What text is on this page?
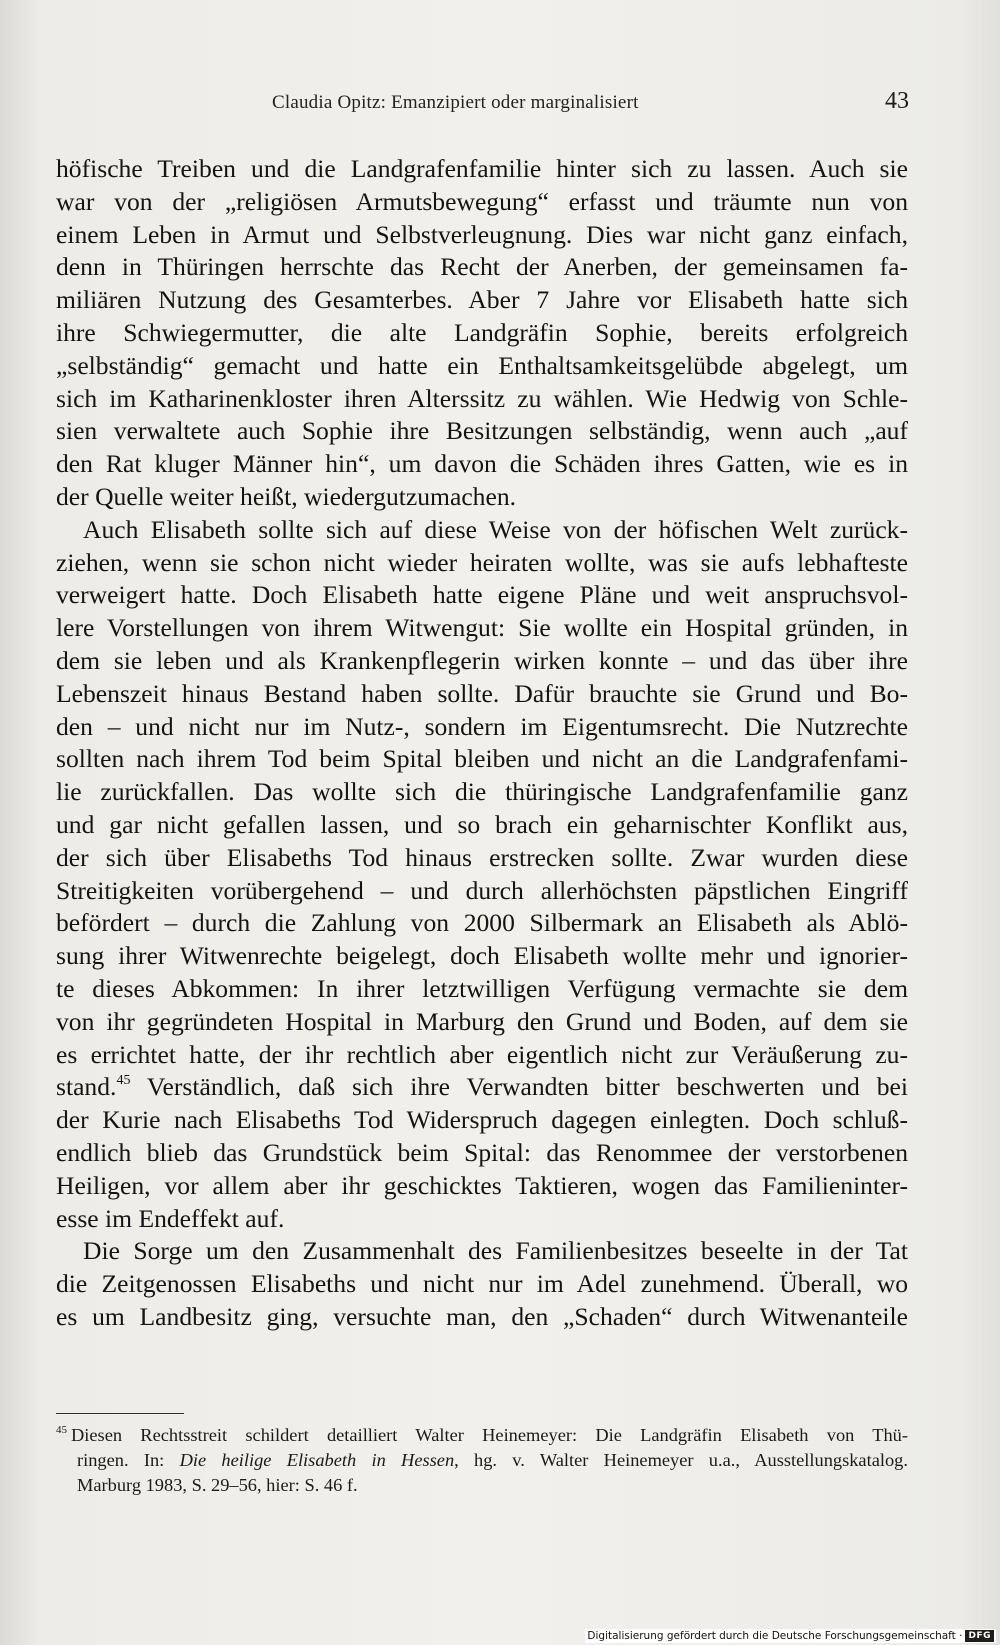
Claudia Opitz: Emanzipiert oder marginalisiert	43
höfische Treiben und die Landgrafenfamilie hinter sich zu lassen. Auch sie
war von der „religiösen Armutsbewegung“ erfasst und träumte nun von
einem Leben in Armut und Selbstverleugnung. Dies war nicht ganz einfach,
denn in Thüringen herrschte das Recht der Anerben, der gemeinsamen fa-
miliären Nutzung des Gesamterbes. Aber 7 Jahre vor Elisabeth hatte sich
ihre Schwiegermutter, die alte Landgräfin Sophie, bereits erfolgreich
„selbständig“ gemacht und hatte ein Enthaltsamkeitsgelübde abgelegt, um
sich im Katharinenkloster ihren Alterssitz zu wählen. Wie Hedwig von Schle-
sien verwaltete auch Sophie ihre Besitzungen selbständig, wenn auch „auf
den Rat kluger Männer hin“, um davon die Schäden ihres Gatten, wie es in
der Quelle weiter heißt, wiedergutzumachen.
Auch Elisabeth sollte sich auf diese Weise von der höfischen Welt zurück-
ziehen, wenn sie schon nicht wieder heiraten wollte, was sie aufs lebhafteste
verweigert hatte. Doch Elisabeth hatte eigene Pläne und weit anspruchsvol-
lere Vorstellungen von ihrem Witwengut: Sie wollte ein Hospital gründen, in
dem sie leben und als Krankenpflegerin wirken konnte – und das über ihre
Lebenszeit hinaus Bestand haben sollte. Dafür brauchte sie Grund und Bo-
den – und nicht nur im Nutz-, sondern im Eigentumsrecht. Die Nutzrechte
sollten nach ihrem Tod beim Spital bleiben und nicht an die Landgrafenfami-
lie zurückfallen. Das wollte sich die thüringische Landgrafenfamilie ganz
und gar nicht gefallen lassen, und so brach ein geharnischter Konflikt aus,
der sich über Elisabeths Tod hinaus erstrecken sollte. Zwar wurden diese
Streitigkeiten vorübergehend – und durch allerhöchsten päpstlichen Eingriff
befördert – durch die Zahlung von 2000 Silbermark an Elisabeth als Ablö-
sung ihrer Witwenrechte beigelegt, doch Elisabeth wollte mehr und ignorier-
te dieses Abkommen: In ihrer letztwilligen Verfügung vermachte sie dem
von ihr gegründeten Hospital in Marburg den Grund und Boden, auf dem sie
es errichtet hatte, der ihr rechtlich aber eigentlich nicht zur Veräußerung zu-
stand.$^{45}$ Verständlich, daß sich ihre Verwandten bitter beschwerten und bei
der Kurie nach Elisabeths Tod Widerspruch dagegen einlegten. Doch schluß-
endlich blieb das Grundstück beim Spital: das Renommee der verstorbenen
Heiligen, vor allem aber ihr geschicktes Taktieren, wogen das Familieninter-
esse im Endeffekt auf.
Die Sorge um den Zusammenhalt des Familienbesitzes beseelte in der Tat
die Zeitgenossen Elisabeths und nicht nur im Adel zunehmend. Überall, wo
es um Landbesitz ging, versuchte man, den „Schaden“ durch Witwenanteile
$^{45}$ Diesen Rechtsstreit schildert detailliert Walter Heinemeyer: Die Landgräfin Elisabeth von Thü-
ringen. In: Die heilige Elisabeth in Hessen, hg. v. Walter Heinemeyer u.a., Ausstellungskatalog.
Marburg 1983, S. 29–56, hier: S. 46 f.
Digitalisierung gefördert durch die Deutsche Forschungsgemeinschaft · DFG
